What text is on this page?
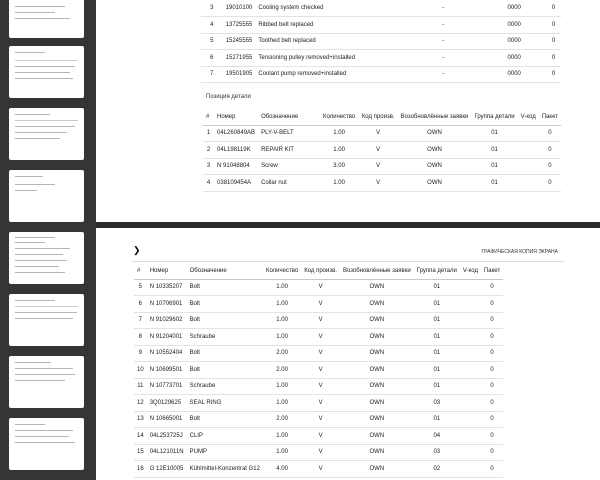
3	19010100	Cooling system checked	-	0000	0
4	13725555	Ribbed belt replaced	-	0000	0
5	15245555	Toothed belt replaced	-	0000	0
6	15271955	Tensioning pulley removed+installed	-	0000	0
7	19501905	Coolant pump removed+installed	-	0000	0
Позиция детали
#	Номер	Обозначение	Количество	Код произв.	Возобновлённые заявки	Группа детали	V-код	Пакет
1	04L260849AB	PLY-V-BELT	1.00	V	OWN	01		0
2	04L198119K	REPAIR KIT	1.00	V	OWN	01		0
3	N 91048804	Screw	3.00	V	OWN	01		0
4	038109454A	Collar nut	1.00	V	OWN	01		0
❯	ГРАФИЧЕСКАЯ КОПИЯ ЭКРАНА
#	Номер	Обозначение	Количество	Код произв.	Возобновлённые заявки	Группа детали	V-код	Пакет
5	N 10335207	Bolt	1.00	V	OWN	01		0
6	N 10706901	Bolt	1.00	V	OWN	01		0
7	N 91029602	Bolt	1.00	V	OWN	01		0
8	N 91204001	Schraube	1.00	V	OWN	01		0
9	N 10552404	Bolt	2.00	V	OWN	01		0
10	N 10699501	Bolt	2.00	V	OWN	01		0
11	N 10773701	Schraube	1.00	V	OWN	01		0
12	3Q0129625	SEAL RING	1.00	V	OWN	03		0
13	N 10665001	Bolt	2.00	V	OWN	01		0
14	04L253725J	CLIP	1.00	V	OWN	04		0
15	04L121011N	PUMP	1.00	V	OWN	03		0
16	G 12E10005	Kühlmittel-Konzentrat G12	4.00	V	OWN	02		0
